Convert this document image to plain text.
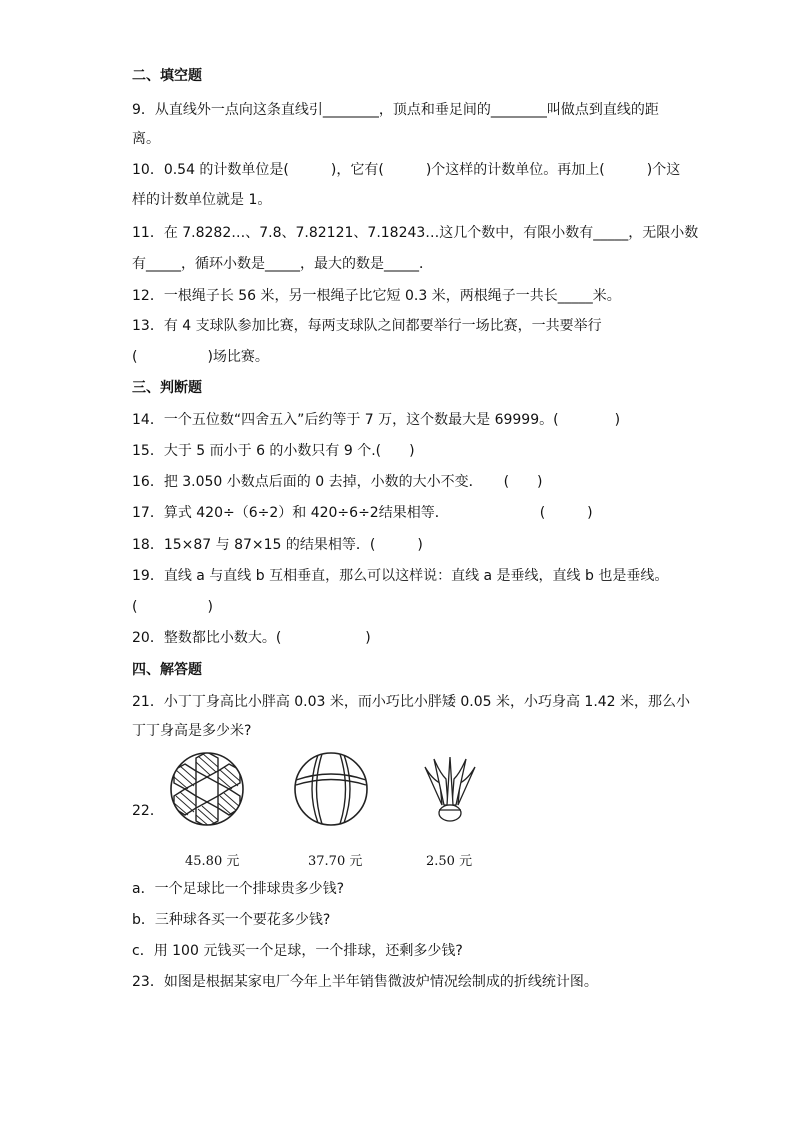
二、填空题
9．从直线外一点向这条直线引________，顶点和垂足间的________叫做点到直线的距
离。
10．0.54 的计数单位是(　　　)，它有(　　　)个这样的计数单位。再加上(　　　)个这
样的计数单位就是 1。
11．在 7.8282…、7.8、7.82121、7.18243…这几个数中，有限小数有_____，无限小数
有_____，循环小数是_____，最大的数是_____．
12．一根绳子长 56 米，另一根绳子比它短 0.3 米，两根绳子一共长_____米。
13．有 4 支球队参加比赛，每两支球队之间都要举行一场比赛，一共要举行
(　　　　　)场比赛。
三、判断题
14．一个五位数“四舍五入”后约等于 7 万，这个数最大是 69999。(　　　　)
15．大于 5 而小于 6 的小数只有 9 个.(　　)
16．把 3.050 小数点后面的 0 去掉，小数的大小不变．　　(　　)
17．算式 420÷（6÷2）和 420÷6÷2结果相等．　　　　　　　(　　　)
18．15×87 与 87×15 的结果相等．(　　　)
19．直线 a 与直线 b 互相垂直，那么可以这样说：直线 a 是垂线，直线 b 也是垂线。
(　　　　　)
20．整数都比小数大。(　　　　　　)
四、解答题
21．小丁丁身高比小胖高 0.03 米，而小巧比小胖矮 0.05 米，小巧身高 1.42 米，那么小
丁丁身高是多少米?
22．
45.80 元	37.70 元	2.50 元
a．一个足球比一个排球贵多少钱?
b．三种球各买一个要花多少钱?
c．用 100 元钱买一个足球，一个排球，还剩多少钱?
23．如图是根据某家电厂今年上半年销售微波炉情况绘制成的折线统计图。
